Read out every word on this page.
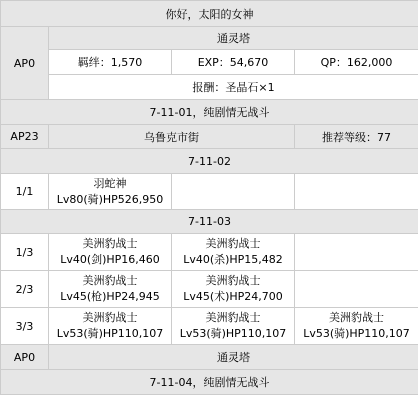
你好，太阳的女神			
AP0	通灵塔		
	羁绊：1,570	EXP：54,670	QP：162,000
	报酬：圣晶石×1		
7-11-01，纯剧情无战斗			
AP23	乌鲁克市街		推荐等级：77
7-11-02			
1/1	羽蛇神
Lv80(骑)HP526,950		

7-11-03			
1/3	美洲豹战士
Lv40(剑)HP16,460	美洲豹战士
Lv40(杀)HP15,482	

2/3	美洲豹战士
Lv45(枪)HP24,945	美洲豹战士
Lv45(术)HP24,700	

3/3	美洲豹战士
Lv53(骑)HP110,107	美洲豹战士
Lv53(骑)HP110,107	美洲豹战士
Lv53(骑)HP110,107

AP0	通灵塔		
7-11-04，纯剧情无战斗			
